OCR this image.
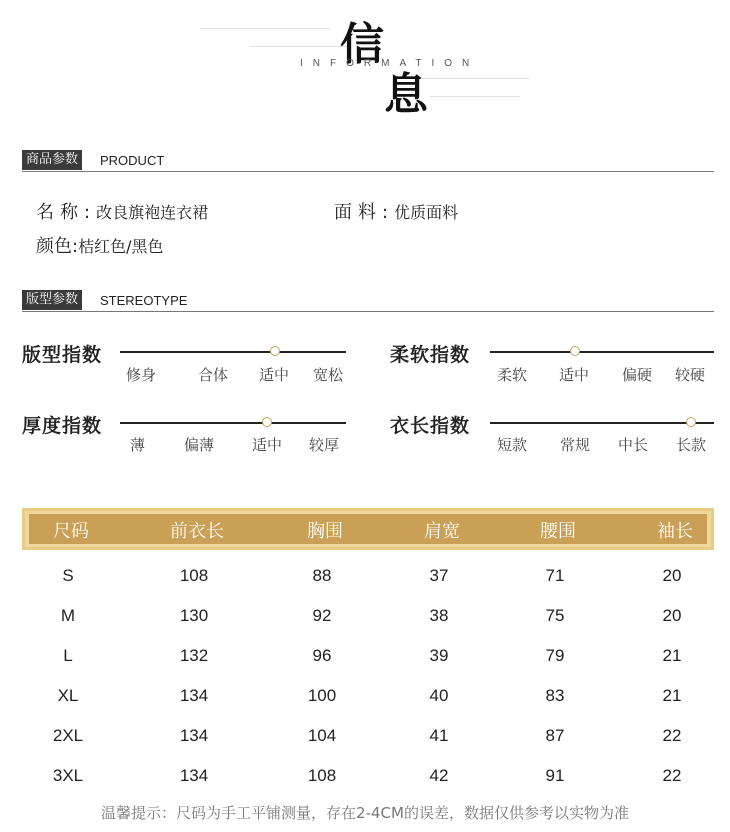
信
息
INFORMATION
商品参数	PRODUCT
名称:改良旗袍连衣裙	面料:优质面料
颜色:桔红色/黑色
版型参数	STEREOTYPE
版型指数
修身	合体 适中 宽松
柔软指数
柔软 适中 偏硬 较硬
厚度指数
薄	偏薄	适中 较厚
衣长指数
短款 常规 中长 长款
尺码	前衣长	胸围	肩宽	腰围	袖长
S	108	88	37	71	20
M	130	92	38	75	20
L	132	96	39	79	21
XL	134	100	40	83	21
2XL	134	104	41	87	22
3XL	134	108	42	91	22
温馨提示：尺码为手工平铺测量，存在2-4CM的误差，数据仅供参考以实物为准
